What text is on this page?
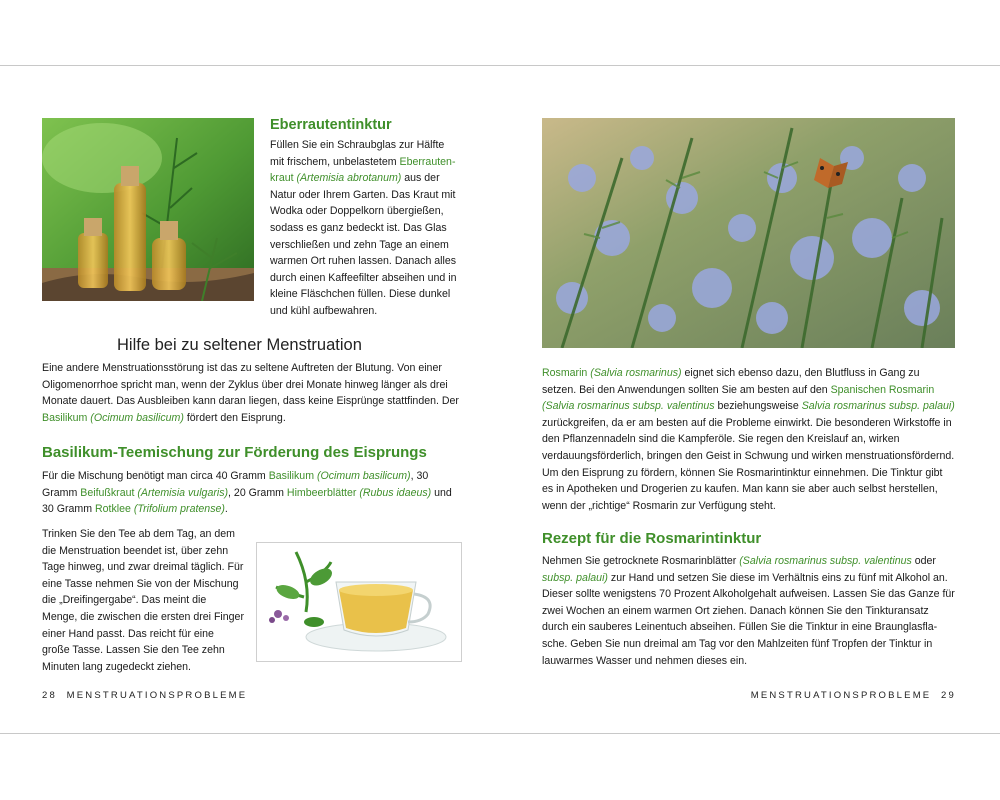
Eberrautentinktur

Füllen Sie ein Schraubglas zur Hälfte mit frischem, unbelastetem Eberrautenkraut (Artemisia abrotanum) aus der Natur oder Ihrem Garten. Das Kraut mit Wodka oder Doppelkorn übergießen, sodass es ganz bedeckt ist. Das Glas verschließen und zehn Tage an einem warmen Ort ruhen lassen. Danach alles durch einen Kaffeefilter abseihen und in kleine Fläschchen füllen. Diese dunkel und kühl aufbewahren.

Hilfe bei zu seltener Menstruation

Eine andere Menstruationsstörung ist das zu seltene Auftreten der Blutung. Von einer Oligomenorrhoe spricht man, wenn der Zyklus über drei Monate hinweg länger als drei Monate dauert. Das Ausbleiben kann daran liegen, dass keine Eisprünge stattfinden. Der Basilikum (Ocimum basilicum) fördert den Eisprung.

Basilikum-Teemischung zur Förderung des Eisprungs

Für die Mischung benötigt man circa 40 Gramm Basilikum (Ocimum basilicum), 30 Gramm Beifußkraut (Artemisia vulgaris), 20 Gramm Himbeerblätter (Rubus idaeus) und 30 Gramm Rotklee (Trifolium pratense).

Trinken Sie den Tee ab dem Tag, an dem die Menstruation beendet ist, über zehn Tage hinweg, und zwar dreimal täglich. Für eine Tasse nehmen Sie von der Mischung die „Dreifingergabe“. Das meint die Menge, die zwischen die ersten drei Finger einer Hand passt. Das reicht für eine große Tasse. Lassen Sie den Tee zehn Minuten lang zugedeckt ziehen.

28 MENSTRUATIONSPROBLEME

Rosmarin (Salvia rosmarinus) eignet sich ebenso dazu, den Blutfluss in Gang zu setzen. Bei den Anwendungen sollten Sie am besten auf den Spanischen Rosmarin (Salvia rosmarinus subsp. valentinus beziehungsweise Salvia rosmarinus subsp. palaui) zurückgreifen, da er am besten auf die Probleme einwirkt. Die besonderen Wirkstoffe in den Pflanzennadeln sind die Kampferöle. Sie regen den Kreislauf an, wirken verdauungsförderlich, bringen den Geist in Schwung und wirken menstruationsfördernd. Um den Eisprung zu fördern, können Sie Rosmarintinktur einnehmen. Die Tinktur gibt es in Apotheken und Drogerien zu kaufen. Man kann sie aber auch selbst herstellen, wenn der „richtige“ Rosmarin zur Verfügung steht.

Rezept für die Rosmarintinktur

Nehmen Sie getrocknete Rosmarinblätter (Salvia rosmarinus subsp. valentinus oder subsp. palaui) zur Hand und setzen Sie diese im Verhältnis eins zu fünf mit Alkohol an. Dieser sollte wenigstens 70 Prozent Alkoholgehalt aufweisen. Lassen Sie das Ganze für zwei Wochen an einem warmen Ort ziehen. Danach können Sie den Tinkturansatz durch ein sauberes Leinentuch abseihen. Füllen Sie die Tinktur in eine Braunglasflasche. Geben Sie nun dreimal am Tag vor den Mahlzeiten fünf Tropfen der Tinktur in lauwarmes Wasser und nehmen dieses ein.

MENSTRUATIONSPROBLEME 29
